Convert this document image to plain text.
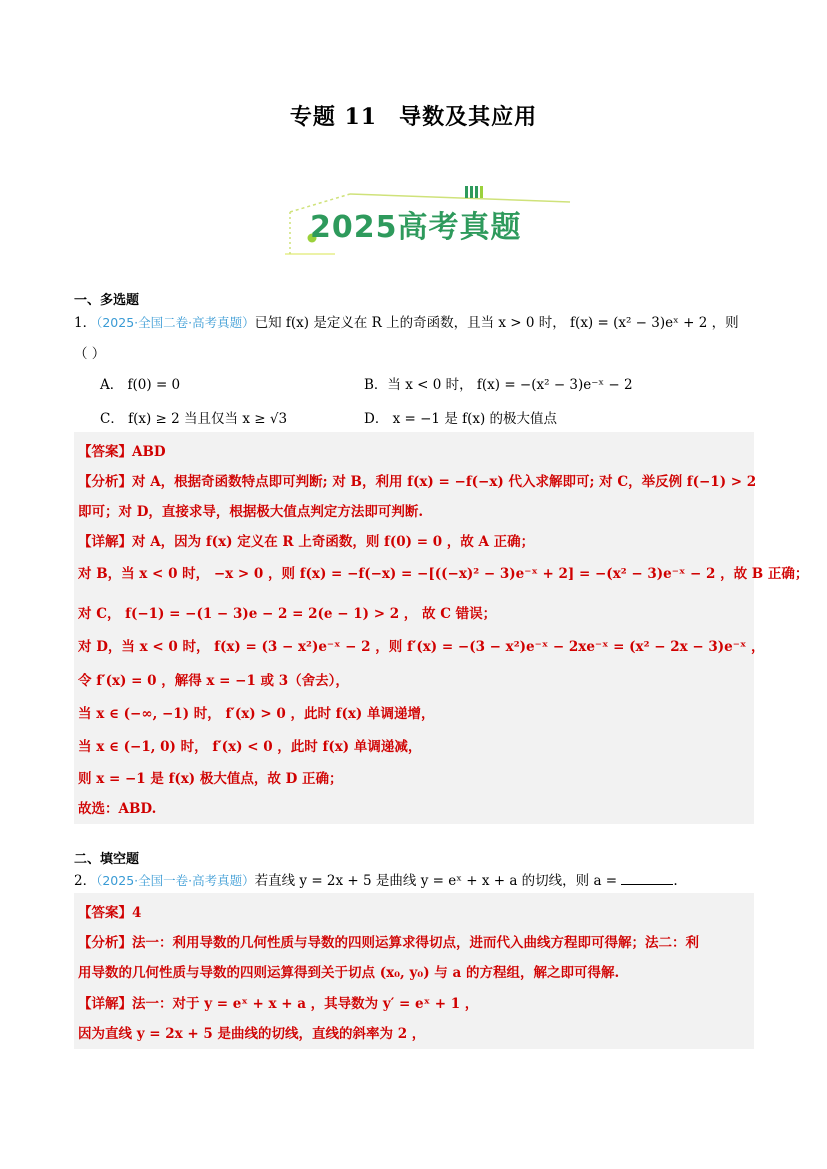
专题 11 导数及其应用
2025高考真题
一、多选题
1．（2025·全国二卷·高考真题）已知 f(x) 是定义在 R 上的奇函数，且当 x > 0 时， f(x) = (x² − 3)eˣ + 2 ，则
（ ）
A． f(0) = 0	B．当 x < 0 时， f(x) = −(x² − 3)e⁻ˣ − 2
C． f(x) ≥ 2 当且仅当 x ≥ √3	D． x = −1 是 f(x) 的极大值点
【答案】ABD
【分析】对 A，根据奇函数特点即可判断; 对 B，利用 f(x) = −f(−x) 代入求解即可; 对 C，举反例 f(−1) > 2
即可；对 D，直接求导，根据极大值点判定方法即可判断.
【详解】对 A，因为 f(x) 定义在 R 上奇函数，则 f(0) = 0 ，故 A 正确；
对 B，当 x < 0 时， −x > 0 ，则 f(x) = −f(−x) = −[((−x)² − 3)e⁻ˣ + 2] = −(x² − 3)e⁻ˣ − 2 ，故 B 正确；
对 C， f(−1) = −(1 − 3)e − 2 = 2(e − 1) > 2 ， 故 C 错误；
对 D，当 x < 0 时， f(x) = (3 − x²)e⁻ˣ − 2 ，则 f′(x) = −(3 − x²)e⁻ˣ − 2xe⁻ˣ = (x² − 2x − 3)e⁻ˣ ，
令 f′(x) = 0 ，解得 x = −1 或 3（舍去），
当 x ∈ (−∞, −1) 时， f′(x) > 0 ，此时 f(x) 单调递增，
当 x ∈ (−1, 0) 时， f′(x) < 0 ，此时 f(x) 单调递减，
则 x = −1 是 f(x) 极大值点，故 D 正确；
故选：ABD.
二、填空题
2．（2025·全国一卷·高考真题）若直线 y = 2x + 5 是曲线 y = eˣ + x + a 的切线，则 a =	.
【答案】4
【分析】法一：利用导数的几何性质与导数的四则运算求得切点，进而代入曲线方程即可得解；法二：利
用导数的几何性质与导数的四则运算得到关于切点 (x₀, y₀) 与 a 的方程组，解之即可得解.
【详解】法一：对于 y = eˣ + x + a ，其导数为 y′ = eˣ + 1 ，
因为直线 y = 2x + 5 是曲线的切线，直线的斜率为 2 ，
